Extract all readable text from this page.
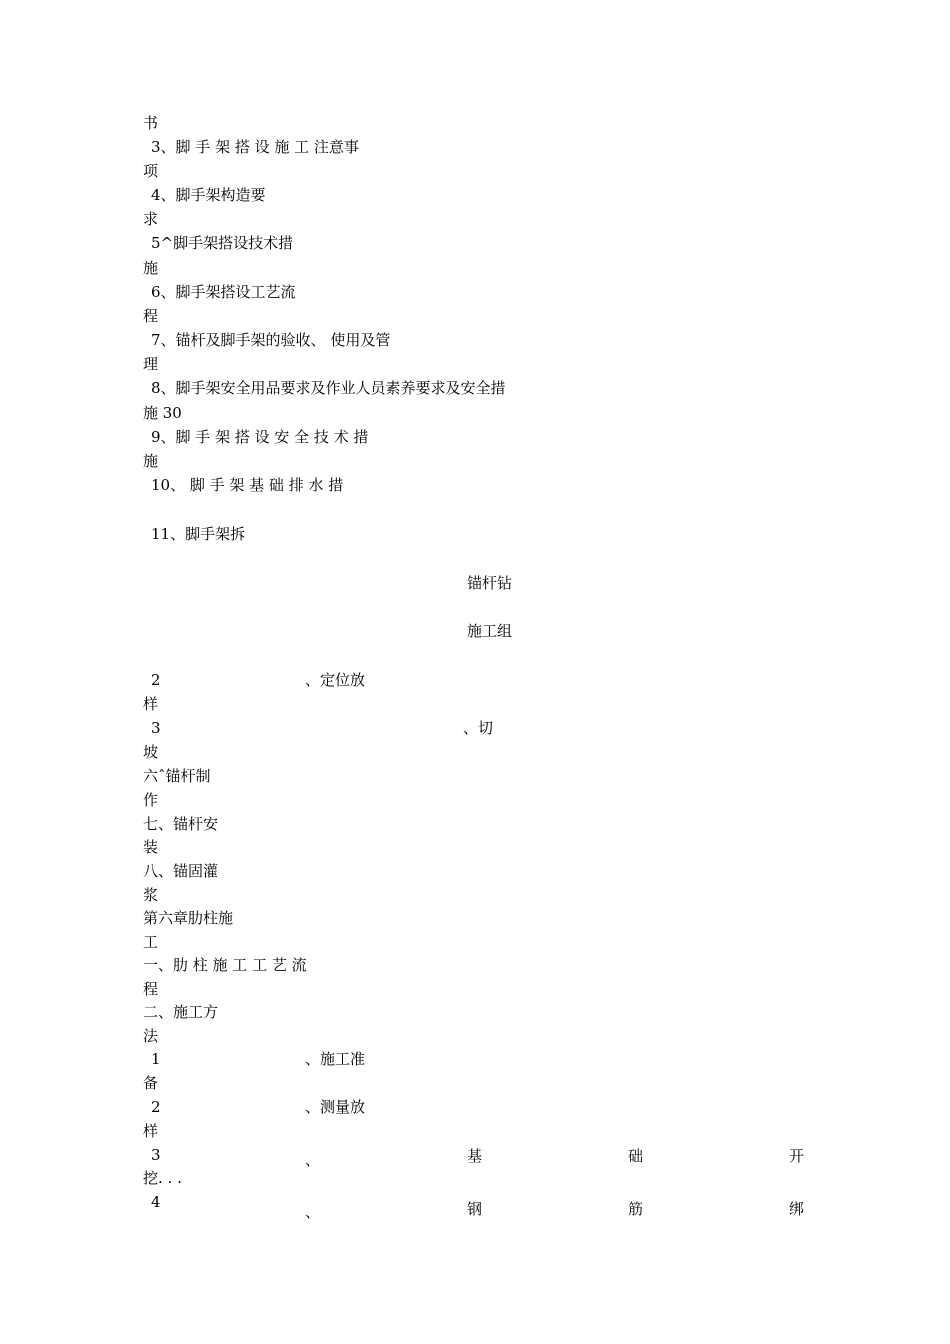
书
3、脚 手 架 搭 设 施 工 注意事
项
4、脚手架构造要
求
5^脚手架搭设技术措
施
6、脚手架搭设工艺流
程
7、锚杆及脚手架的验收、 使用及管
理
8、脚手架安全用品要求及作业人员素养要求及安全措
施 30
9、脚 手 架 搭 设 安 全 技 术 措
施
10、 脚 手 架 基 础 排 水 措
11、脚手架拆
锚杆钻
施工组
2	、定位放
样
3	、切
坡
六ˆ锚杆制
作
七、锚杆安
装
八、锚固灌
浆
第六章肋柱施
工
一、肋 柱 施 工 工 艺 流
程
二、施工方
法
1	、施工准
备
2	、测量放
样
3	、	基	础	开
挖. . .
4
、	钢	筋	绑
